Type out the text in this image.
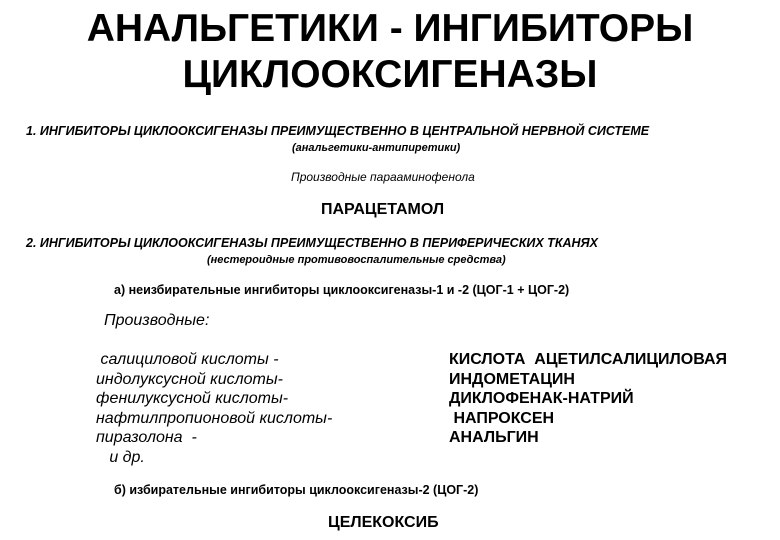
АНАЛЬГЕТИКИ - ИНГИБИТОРЫ
ЦИКЛООКСИГЕНАЗЫ
1. ИНГИБИТОРЫ ЦИКЛООКСИГЕНАЗЫ ПРЕИМУЩЕСТВЕННО В ЦЕНТРАЛЬНОЙ НЕРВНОЙ СИСТЕМЕ
(анальгетики-антипиретики)
Производные парааминофенола
ПАРАЦЕТАМОЛ
2. ИНГИБИТОРЫ ЦИКЛООКСИГЕНАЗЫ ПРЕИМУЩЕСТВЕННО В ПЕРИФЕРИЧЕСКИХ ТКАНЯХ
(нестероидные противовоспалительные средства)
а) неизбирательные ингибиторы циклооксигеназы-1 и -2 (ЦОГ-1 + ЦОГ-2)
Производные:
салициловой кислоты -
индолуксусной кислоты-
фенилуксусной кислоты-
нафтилпропионовой кислоты-
пиразолона  -
и др.
КИСЛОТА  АЦЕТИЛСАЛИЦИЛОВАЯ
ИНДОМЕТАЦИН
ДИКЛОФЕНАК-НАТРИЙ
НАПРОКСЕН
АНАЛЬГИН
б) избирательные ингибиторы циклооксигеназы-2 (ЦОГ-2)
ЦЕЛЕКОКСИБ
